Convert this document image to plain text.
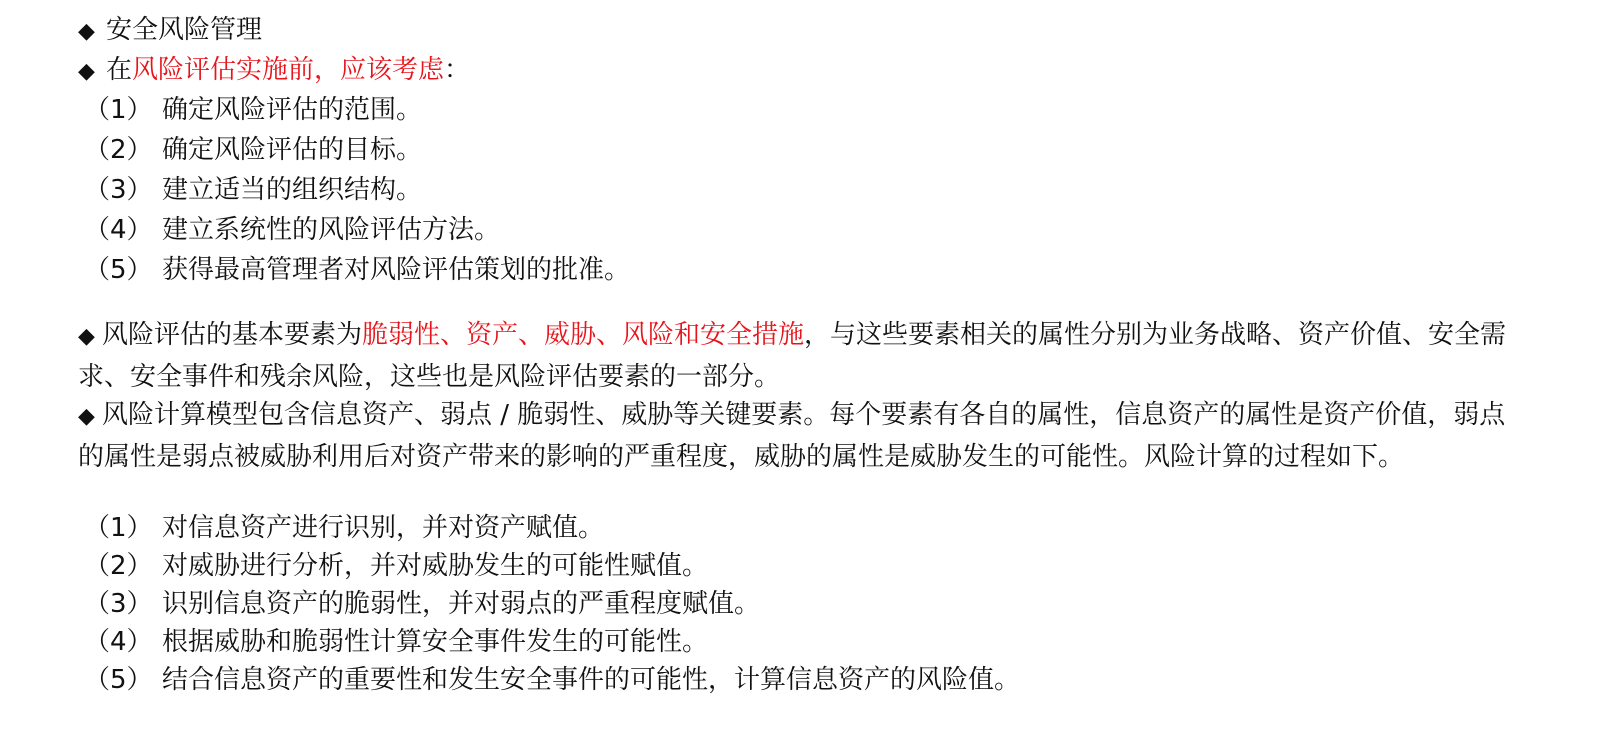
◆ 安全风险管理
◆ 在风险评估实施前，应该考虑：
（1） 确定风险评估的范围。
（2） 确定风险评估的目标。
（3） 建立适当的组织结构。
（4） 建立系统性的风险评估方法。
（5） 获得最高管理者对风险评估策划的批准。
◆ 风险评估的基本要素为脆弱性、资产、威胁、风险和安全措施，与这些要素相关的属性分别为业务战略、资产价值、安全需求、安全事件和残余风险，这些也是风险评估要素的一部分。
◆ 风险计算模型包含信息资产、弱点 / 脆弱性、威胁等关键要素。每个要素有各自的属性，信息资产的属性是资产价值，弱点的属性是弱点被威胁利用后对资产带来的影响的严重程度，威胁的属性是威胁发生的可能性。风险计算的过程如下。
（1） 对信息资产进行识别，并对资产赋值。
（2） 对威胁进行分析，并对威胁发生的可能性赋值。
（3） 识别信息资产的脆弱性，并对弱点的严重程度赋值。
（4） 根据威胁和脆弱性计算安全事件发生的可能性。
（5） 结合信息资产的重要性和发生安全事件的可能性，计算信息资产的风险值。
